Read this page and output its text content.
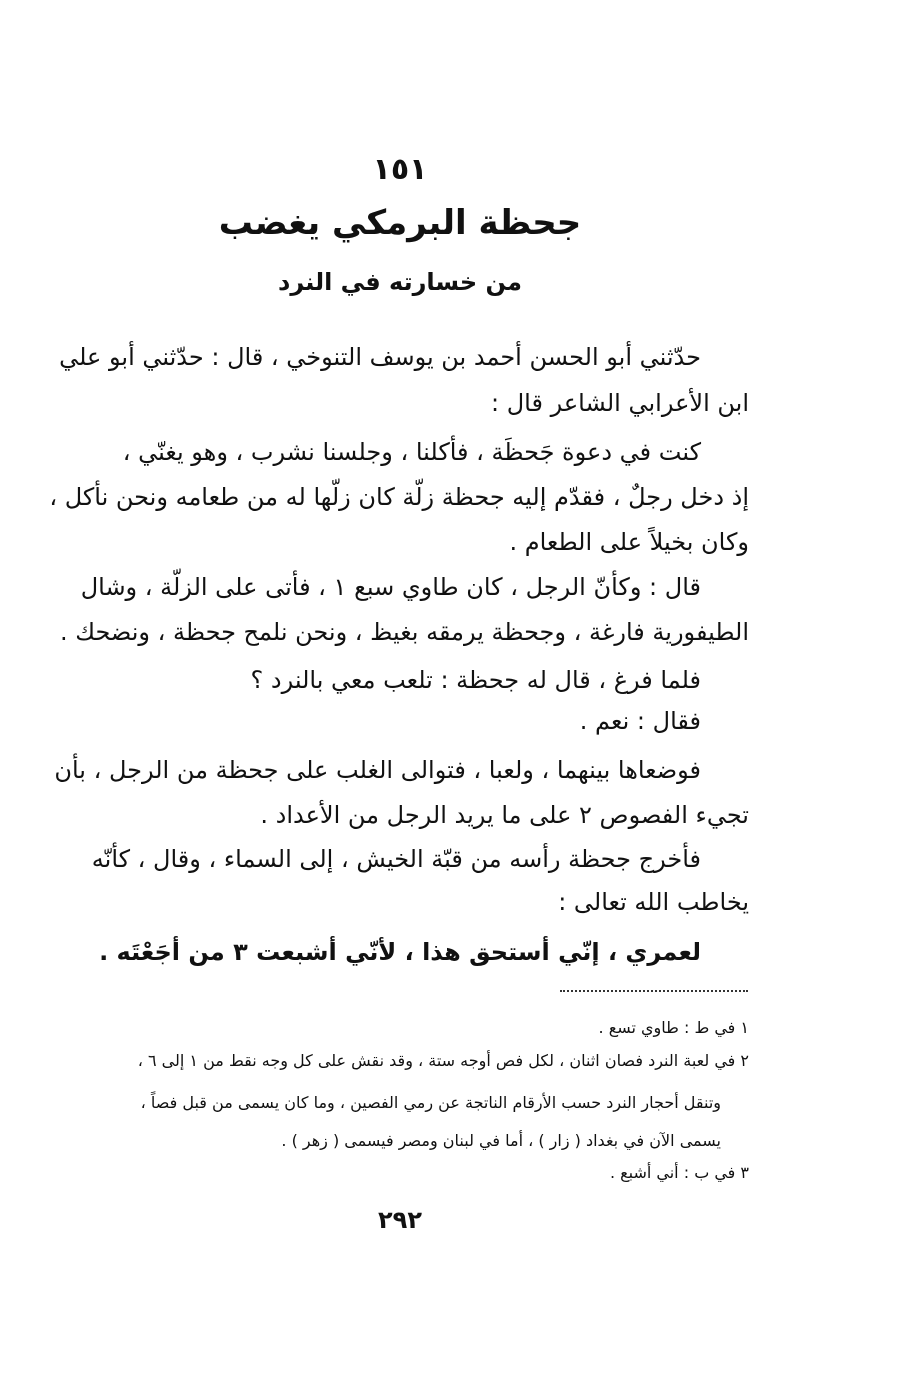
١٥١
جحظة البرمكي يغضب
من خسارته في النرد
حدّثني أبو الحسن أحمد بن يوسف التنوخي ، قال : حدّثني أبو علي
ابن الأعرابي الشاعر قال :
كنت في دعوة جَحظَة ، فأكلنا ، وجلسنا نشرب ، وهو يغنّي ،
إذ دخل رجلٌ ، فقدّم إليه جحظة زلّة كان زلّها له من طعامه ونحن نأكل ،
وكان بخيلاً على الطعام .
قال : وكأنّ الرجل ، كان طاوي سبع ١ ، فأتى على الزلّة ، وشال
الطيفورية فارغة ، وجحظة يرمقه بغيظ ، ونحن نلمح جحظة ، ونضحك .
فلما فرغ ، قال له جحظة : تلعب معي بالنرد ؟
فقال : نعم .
فوضعاها بينهما ، ولعبا ، فتوالى الغلب على جحظة من الرجل ، بأن
تجيء الفصوص ٢ على ما يريد الرجل من الأعداد .
فأخرج جحظة رأسه من قبّة الخيش ، إلى السماء ، وقال ، كأنّه
يخاطب الله تعالى :
لعمري ، إنّي أستحق هذا ، لأنّي أشبعت ٣ من أجَعْتَه .
١ في ط : طاوي تسع .
٢ في لعبة النرد فصان اثنان ، لكل فص أوجه ستة ، وقد نقش على كل وجه نقط من ١ إلى ٦ ،
وتنقل أحجار النرد حسب الأرقام الناتجة عن رمي الفصين ، وما كان يسمى من قبل فصاً ،
يسمى الآن في بغداد ( زار ) ، أما في لبنان ومصر فيسمى ( زهر ) .
٣ في ب : أني أشبع .
٢٩٢
